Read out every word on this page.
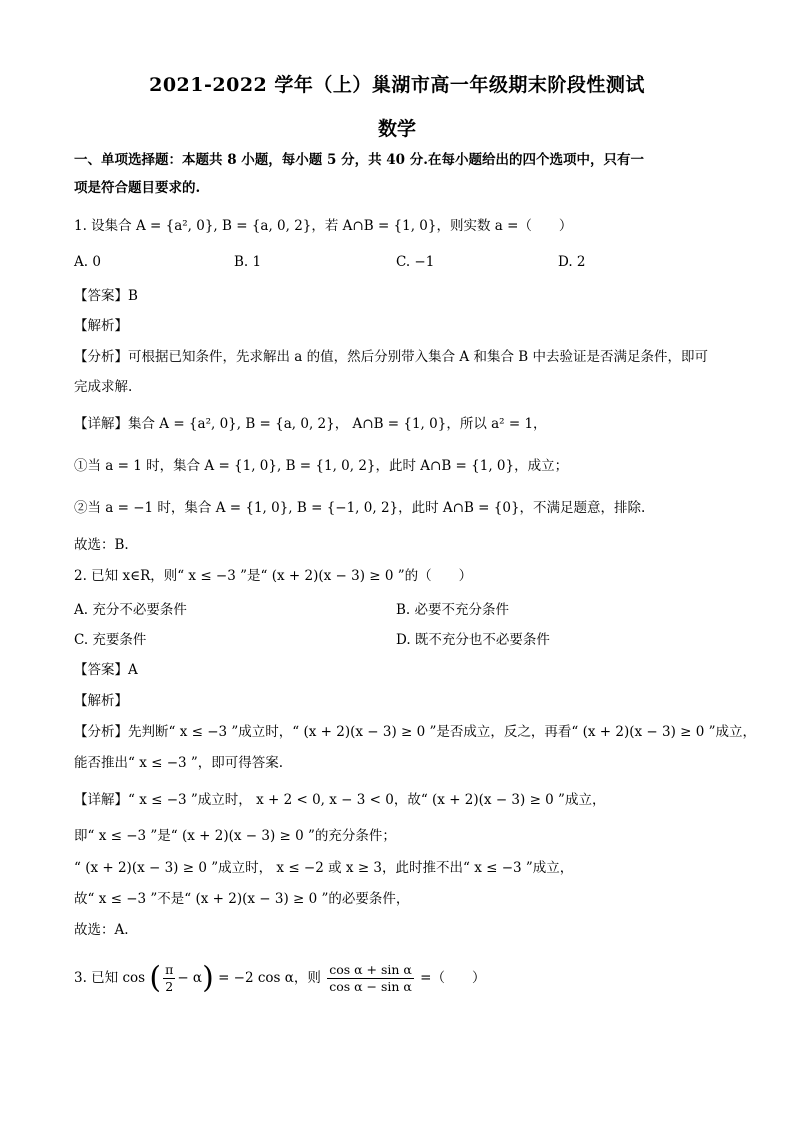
2021-2022 学年（上）巢湖市高一年级期末阶段性测试
数学
一、单项选择题：本题共 8 小题，每小题 5 分，共 40 分.在每小题给出的四个选项中，只有一
项是符合题目要求的.
1. 设集合 A = {a², 0}, B = {a, 0, 2}，若 A∩B = {1, 0}，则实数 a =（　　）
A. 0	B. 1	C. −1	D. 2
【答案】B
【解析】
【分析】可根据已知条件，先求解出 a 的值，然后分别带入集合 A 和集合 B 中去验证是否满足条件，即可
完成求解.
【详解】集合 A = {a², 0}, B = {a, 0, 2}， A∩B = {1, 0}，所以 a² = 1，
①当 a = 1 时，集合 A = {1, 0}, B = {1, 0, 2}，此时 A∩B = {1, 0}，成立；
②当 a = −1 时，集合 A = {1, 0}, B = {−1, 0, 2}，此时 A∩B = {0}，不满足题意，排除.
故选：B.
2. 已知 x∈R，则“ x ≤ −3 ”是“ (x + 2)(x − 3) ≥ 0 ”的（　　）
A. 充分不必要条件	B. 必要不充分条件
C. 充要条件	D. 既不充分也不必要条件
【答案】A
【解析】
【分析】先判断“ x ≤ −3 ”成立时，“ (x + 2)(x − 3) ≥ 0 ”是否成立，反之，再看“ (x + 2)(x − 3) ≥ 0 ”成立，
能否推出“ x ≤ −3 ”，即可得答案.
【详解】“ x ≤ −3 ”成立时， x + 2 < 0, x − 3 < 0，故“ (x + 2)(x − 3) ≥ 0 ”成立，
即“ x ≤ −3 ”是“ (x + 2)(x − 3) ≥ 0 ”的充分条件；
“ (x + 2)(x − 3) ≥ 0 ”成立时， x ≤ −2 或 x ≥ 3，此时推不出“ x ≤ −3 ”成立，
故“ x ≤ −3 ”不是“ (x + 2)(x − 3) ≥ 0 ”的必要条件，
故选：A.
3. 已知 cos ( $\frac{\pi}{2} - \alpha) = -2$ cos α，则 $\frac{\text{cos α + sin α}}{\text{cos α − sin α}}$ =（　　）
